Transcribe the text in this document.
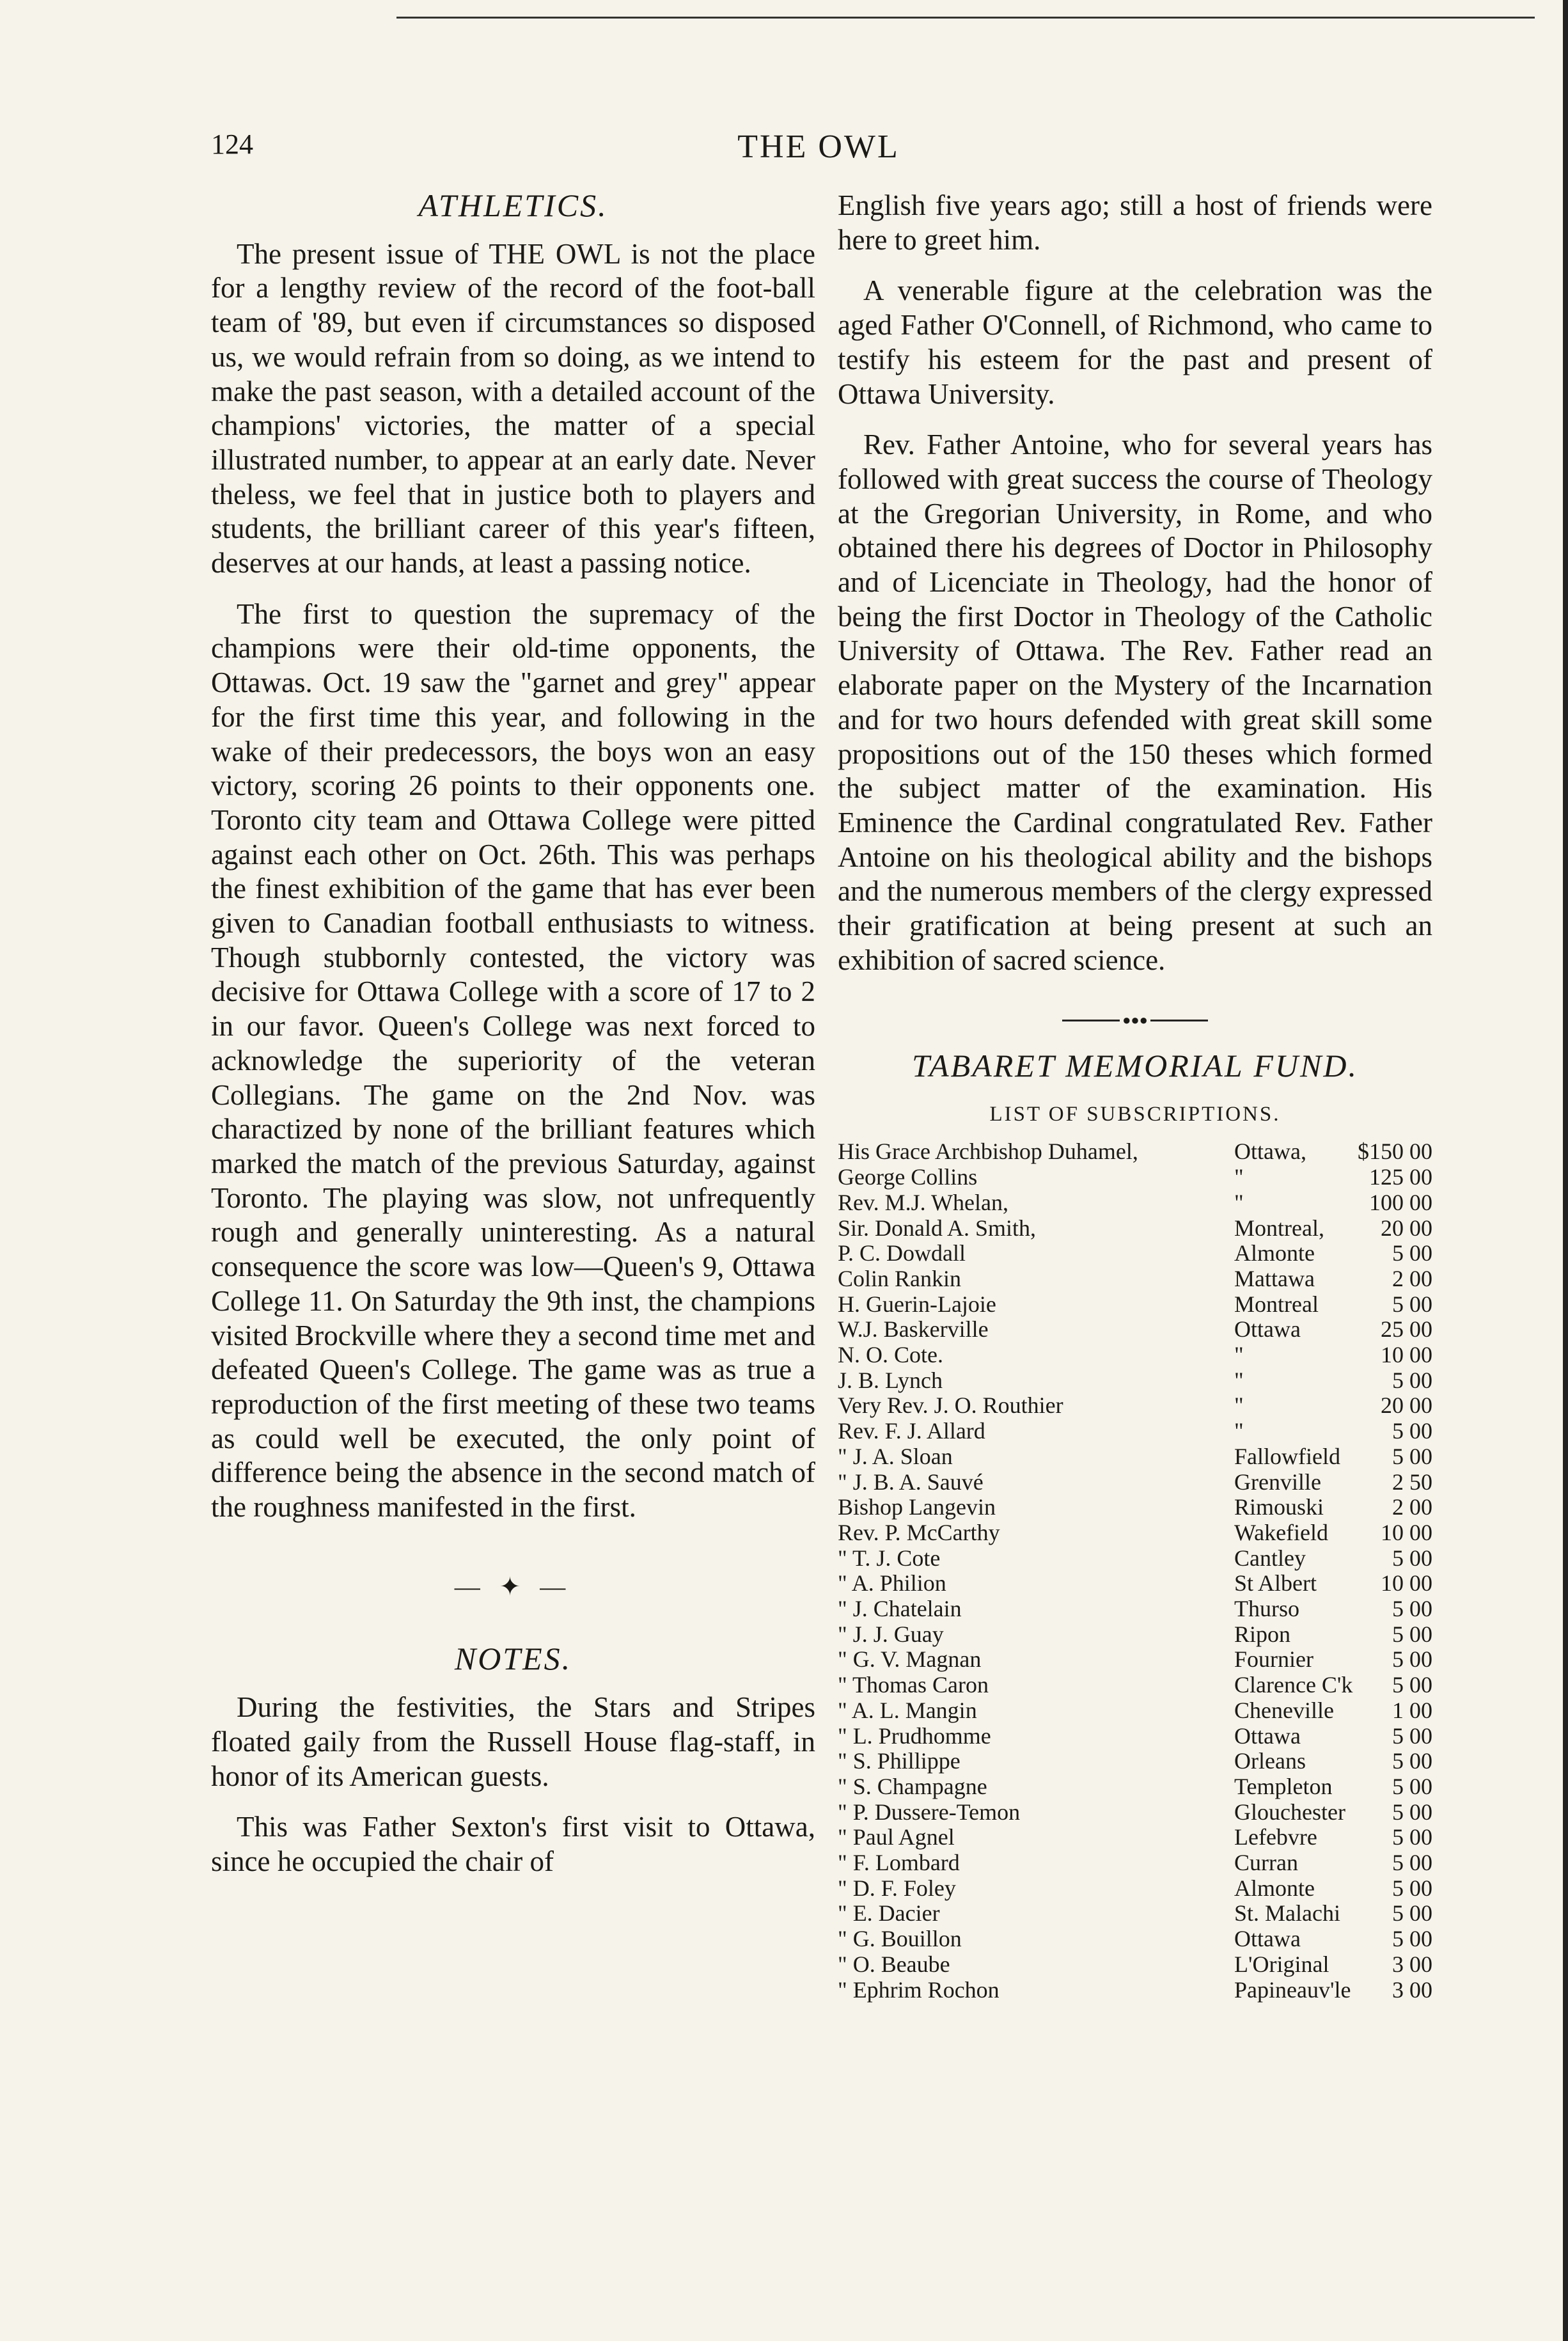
124	THE OWL
ATHLETICS.

The present issue of THE OWL is not the place for a lengthy review of the record of the foot-ball team of '89, but even if circumstances so disposed us, we would refrain from so doing, as we intend to make the past season, with a detailed account of the champions' victories, the matter of a special illustrated number, to appear at an early date. Never theless, we feel that in justice both to players and students, the brilliant career of this year's fifteen, deserves at our hands, at least a passing notice.

The first to question the supremacy of the champions were their old-time opponents, the Ottawas. Oct. 19 saw the "garnet and grey" appear for the first time this year, and following in the wake of their predecessors, the boys won an easy victory, scoring 26 points to their opponents one. Toronto city team and Ottawa College were pitted against each other on Oct. 26th. This was perhaps the finest exhibition of the game that has ever been given to Canadian football enthusiasts to witness. Though stubbornly contested, the victory was decisive for Ottawa College with a score of 17 to 2 in our favor. Queen's College was next forced to acknowledge the superiority of the veteran Collegians. The game on the 2nd Nov. was charactized by none of the brilliant features which marked the match of the previous Saturday, against Toronto. The playing was slow, not unfrequently rough and generally uninteresting. As a natural consequence the score was low—Queen's 9, Ottawa College 11. On Saturday the 9th inst, the champions visited Brockville where they a second time met and defeated Queen's College. The game was as true a reproduction of the first meeting of these two teams as could well be executed, the only point of difference being the absence in the second match of the roughness manifested in the first.

— ✦ —
NOTES.

During the festivities, the Stars and Stripes floated gaily from the Russell House flag-staff, in honor of its American guests.

This was Father Sexton's first visit to Ottawa, since he occupied the chair of

English five years ago; still a host of friends were here to greet him.

A venerable figure at the celebration was the aged Father O'Connell, of Richmond, who came to testify his esteem for the past and present of Ottawa University.

Rev. Father Antoine, who for several years has followed with great success the course of Theology at the Gregorian University, in Rome, and who obtained there his degrees of Doctor in Philosophy and of Licenciate in Theology, had the honor of being the first Doctor in Theology of the Catholic University of Ottawa. The Rev. Father read an elaborate paper on the Mystery of the Incarnation and for two hours defended with great skill some propositions out of the 150 theses which formed the subject matter of the examination. His Eminence the Cardinal congratulated Rev. Father Antoine on his theological ability and the bishops and the numerous members of the clergy expressed their gratification at being present at such an exhibition of sacred science.

●●●
TABARET MEMORIAL FUND.
LIST OF SUBSCRIPTIONS.
His Grace Archbishop Duhamel,	Ottawa,	$150 00
George Collins	"	125 00
Rev. M.J. Whelan,	"	100 00
Sir. Donald A. Smith,	Montreal,	20 00
P. C. Dowdall	Almonte	5 00
Colin Rankin	Mattawa	2 00
H. Guerin-Lajoie	Montreal	5 00
W.J. Baskerville	Ottawa	25 00
N. O. Cote.	"	10 00
J. B. Lynch	"	5 00
Very Rev. J. O. Routhier	"	20 00
Rev. F. J. Allard	"	5 00
" J. A. Sloan	Fallowfield	5 00
" J. B. A. Sauvé	Grenville	2 50
Bishop Langevin	Rimouski	2 00
Rev. P. McCarthy	Wakefield	10 00
" T. J. Cote	Cantley	5 00
" A. Philion	St Albert	10 00
" J. Chatelain	Thurso	5 00
" J. J. Guay	Ripon	5 00
" G. V. Magnan	Fournier	5 00
" Thomas Caron	Clarence C'k	5 00
" A. L. Mangin	Cheneville	1 00
" L. Prudhomme	Ottawa	5 00
" S. Phillippe	Orleans	5 00
" S. Champagne	Templeton	5 00
" P. Dussere-Temon	Glouchester	5 00
" Paul Agnel	Lefebvre	5 00
" F. Lombard	Curran	5 00
" D. F. Foley	Almonte	5 00
" E. Dacier	St. Malachi	5 00
" G. Bouillon	Ottawa	5 00
" O. Beaube	L'Original	3 00
" Ephrim Rochon	Papineauv'le	3 00
